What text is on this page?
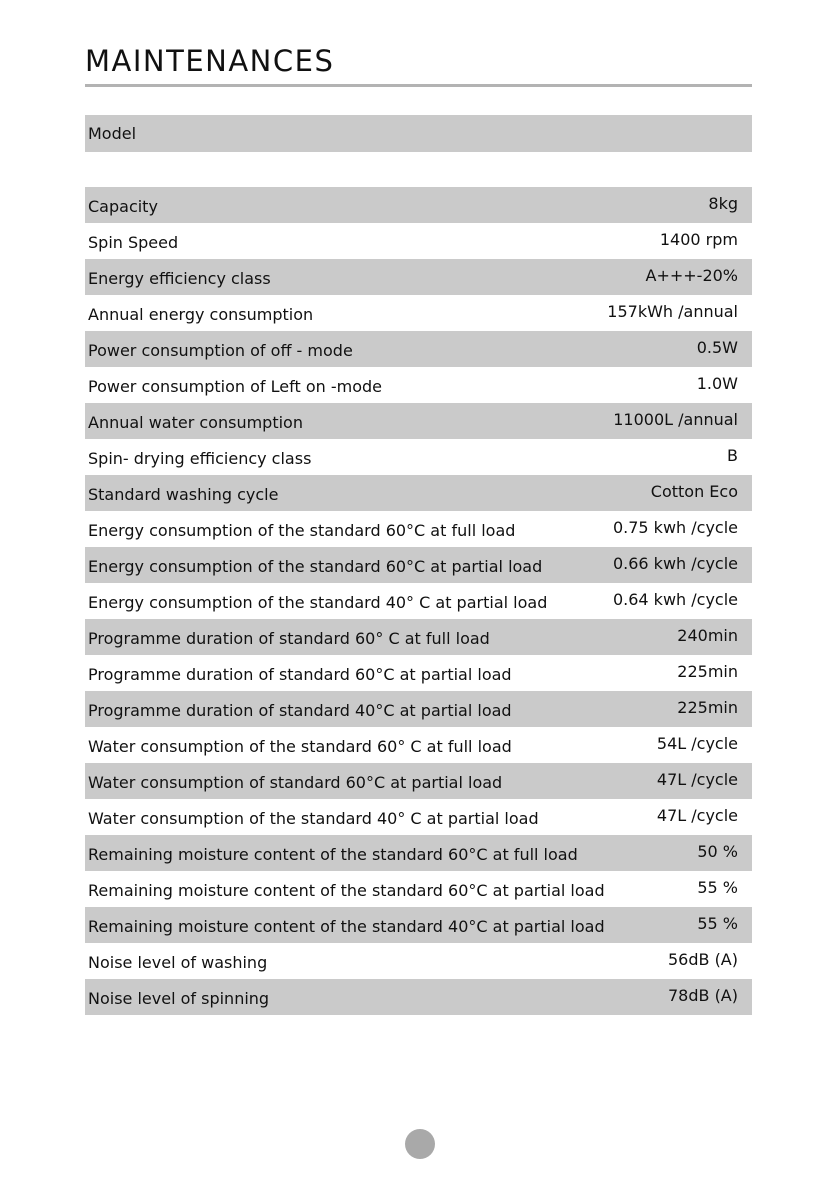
MAINTENANCES
Model
Capacity	8kg
Spin Speed	1400 rpm
Energy efficiency class	A+++-20%
Annual energy consumption	157kWh /annual
Power consumption of off - mode	0.5W
Power consumption of Left on -mode	1.0W
Annual water consumption	11000L /annual
Spin- drying efficiency class	B
Standard washing cycle	Cotton Eco
Energy consumption of the standard 60°C at full load	0.75 kwh /cycle
Energy consumption of the standard 60°C at partial load	0.66 kwh /cycle
Energy consumption of the standard 40° C at partial load	0.64 kwh /cycle
Programme duration of standard 60° C at full load	240min
Programme duration of standard 60°C at partial load	225min
Programme duration of standard 40°C at partial load	225min
Water consumption of the standard 60° C at full load	54L /cycle
Water consumption of standard 60°C at partial load	47L /cycle
Water consumption of the standard 40° C at partial load	47L /cycle
Remaining moisture content of the standard 60°C at full load	50 %
Remaining moisture content of the standard 60°C at partial load	55 %
Remaining moisture content of the standard 40°C at partial load	55 %
Noise level of washing	56dB (A)
Noise level of spinning	78dB (A)
